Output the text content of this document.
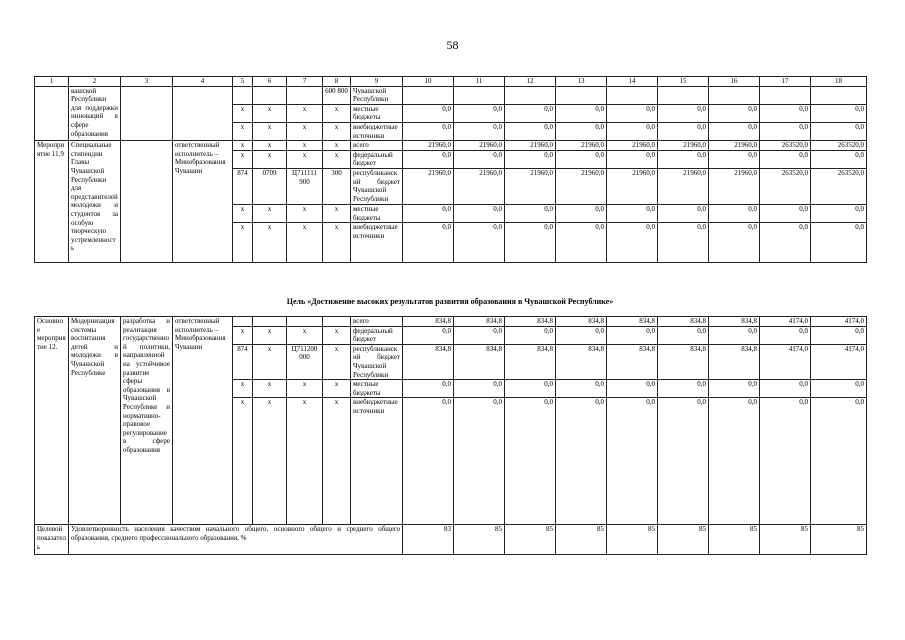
58
1	2	3	4	5	6	7	8	9	10	11	12	13	14	15	16	17	18
	вашской Республики для поддержки инноваций в сфере образования						600 800	Чувашской Республики									
				x	x	x	x	местные бюджеты	0,0	0,0	0,0	0,0	0,0	0,0	0,0	0,0	0,0
				x	x	x	x	внебюджетные источники	0,0	0,0	0,0	0,0	0,0	0,0	0,0	0,0	0,0
Мероприятие 11.9	Специальные стипендии Главы Чувашской Республики для представителей молодежи и студентов за особую творческую устремленность		ответственный исполнитель – Минобразования Чувашии	x	x	x	x	всего	21960,0	21960,0	21960,0	21960,0	21960,0	21960,0	21960,0	263520,0	263520,0
				x	x	x	x	федеральный бюджет	0,0	0,0	0,0	0,0	0,0	0,0	0,0	0,0	0,0
				874	0709	Ц711111 900	300	республиканский бюджет Чувашской Республики	21960,0	21960,0	21960,0	21960,0	21960,0	21960,0	21960,0	263520,0	263520,0
				x	x	x	x	местные бюджеты	0,0	0,0	0,0	0,0	0,0	0,0	0,0	0,0	0,0
				x	x	x	x	внебюджетные источники	0,0	0,0	0,0	0,0	0,0	0,0	0,0	0,0	0,0
Цель «Достижение высоких результатов развития образования в Чувашской Республике»
Основное мероприятие 12.	Модернизация системы воспитания детей и молодежи в Чувашской Республике	разработка и реализация государственной политики, направленной на устойчивое развитие сферы образования в Чувашской Республике и нормативно-правовое регулирование в сфере образования	ответственный исполнитель – Минобразования Чувашии					всего	834,8	834,8	834,8	834,8	834,8	834,8	834,8	4174,0	4174,0
				x	x	x	x	федеральный бюджет	0,0	0,0	0,0	0,0	0,0	0,0	0,0	0,0	0,0
				874	x	Ц711200 000	x	республиканский бюджет Чувашской Республики	834,8	834,8	834,8	834,8	834,8	834,8	834,8	4174,0	4174,0
				x	x	x	x	местные бюджеты	0,0	0,0	0,0	0,0	0,0	0,0	0,0	0,0	0,0
				x	x	x	x	внебюджетные источники	0,0	0,0	0,0	0,0	0,0	0,0	0,0	0,0	0,0
Целевой показатель	Удовлетворенность населения качеством начального общего, основного общего и среднего общего образования, среднего профессионального образования, %								83	85	85	85	85	85	85	85	85
